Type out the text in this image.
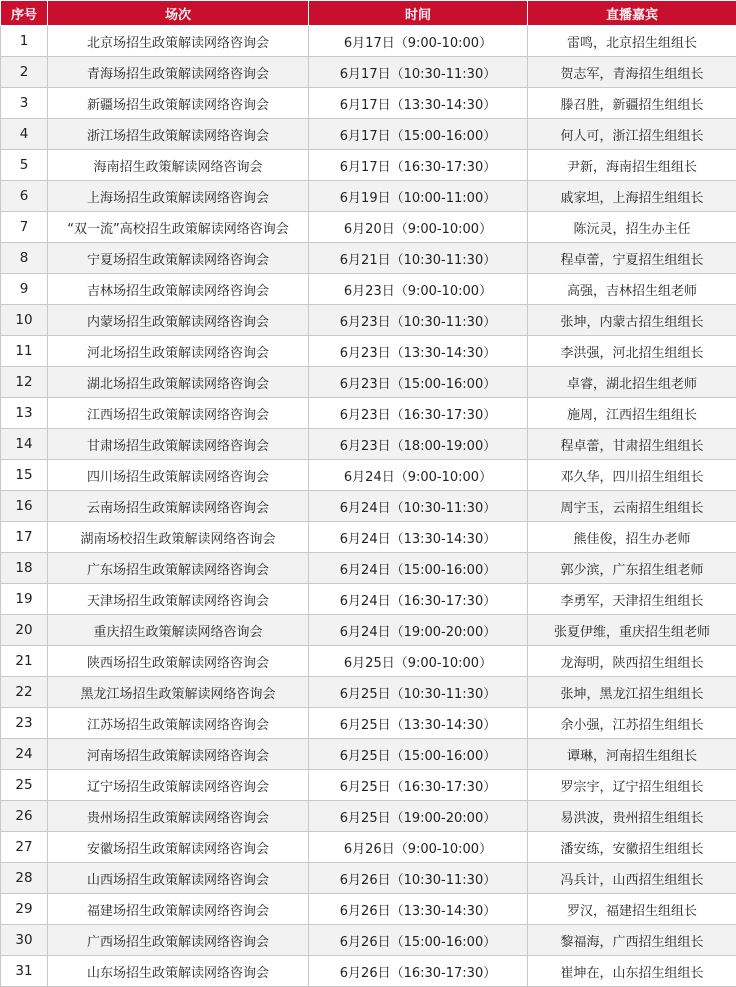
序号	场次	时间	直播嘉宾
1	北京场招生政策解读网络咨询会	6月17日（9:00-10:00）	雷鸣，北京招生组组长
2	青海场招生政策解读网络咨询会	6月17日（10:30-11:30）	贺志军，青海招生组组长
3	新疆场招生政策解读网络咨询会	6月17日（13:30-14:30）	滕召胜，新疆招生组组长
4	浙江场招生政策解读网络咨询会	6月17日（15:00-16:00）	何人可，浙江招生组组长
5	海南招生政策解读网络咨询会	6月17日（16:30-17:30）	尹新，海南招生组组长
6	上海场招生政策解读网络咨询会	6月19日（10:00-11:00）	戚家坦，上海招生组组长
7	“双一流”高校招生政策解读网络咨询会	6月20日（9:00-10:00）	陈沅灵，招生办主任
8	宁夏场招生政策解读网络咨询会	6月21日（10:30-11:30）	程卓蕾，宁夏招生组组长
9	吉林场招生政策解读网络咨询会	6月23日（9:00-10:00）	高强，吉林招生组老师
10	内蒙场招生政策解读网络咨询会	6月23日（10:30-11:30）	张坤，内蒙古招生组组长
11	河北场招生政策解读网络咨询会	6月23日（13:30-14:30）	李洪强，河北招生组组长
12	湖北场招生政策解读网络咨询会	6月23日（15:00-16:00）	卓睿，湖北招生组老师
13	江西场招生政策解读网络咨询会	6月23日（16:30-17:30）	施周，江西招生组组长
14	甘肃场招生政策解读网络咨询会	6月23日（18:00-19:00）	程卓蕾，甘肃招生组组长
15	四川场招生政策解读网络咨询会	6月24日（9:00-10:00）	邓久华，四川招生组组长
16	云南场招生政策解读网络咨询会	6月24日（10:30-11:30）	周宇玉，云南招生组组长
17	湖南场校招生政策解读网络咨询会	6月24日（13:30-14:30）	熊佳俊，招生办老师
18	广东场招生政策解读网络咨询会	6月24日（15:00-16:00）	郭少滨，广东招生组老师
19	天津场招生政策解读网络咨询会	6月24日（16:30-17:30）	李勇军，天津招生组组长
20	重庆招生政策解读网络咨询会	6月24日（19:00-20:00）	张夏伊维，重庆招生组老师
21	陕西场招生政策解读网络咨询会	6月25日（9:00-10:00）	龙海明，陕西招生组组长
22	黑龙江场招生政策解读网络咨询会	6月25日（10:30-11:30）	张坤，黑龙江招生组组长
23	江苏场招生政策解读网络咨询会	6月25日（13:30-14:30）	余小强，江苏招生组组长
24	河南场招生政策解读网络咨询会	6月25日（15:00-16:00）	谭琳，河南招生组组长
25	辽宁场招生政策解读网络咨询会	6月25日（16:30-17:30）	罗宗宇，辽宁招生组组长
26	贵州场招生政策解读网络咨询会	6月25日（19:00-20:00）	易洪波，贵州招生组组长
27	安徽场招生政策解读网络咨询会	6月26日（9:00-10:00）	潘安练，安徽招生组组长
28	山西场招生政策解读网络咨询会	6月26日（10:30-11:30）	冯兵计，山西招生组组长
29	福建场招生政策解读网络咨询会	6月26日（13:30-14:30）	罗汉，福建招生组组长
30	广西场招生政策解读网络咨询会	6月26日（15:00-16:00）	黎福海，广西招生组组长
31	山东场招生政策解读网络咨询会	6月26日（16:30-17:30）	崔坤在，山东招生组组长
